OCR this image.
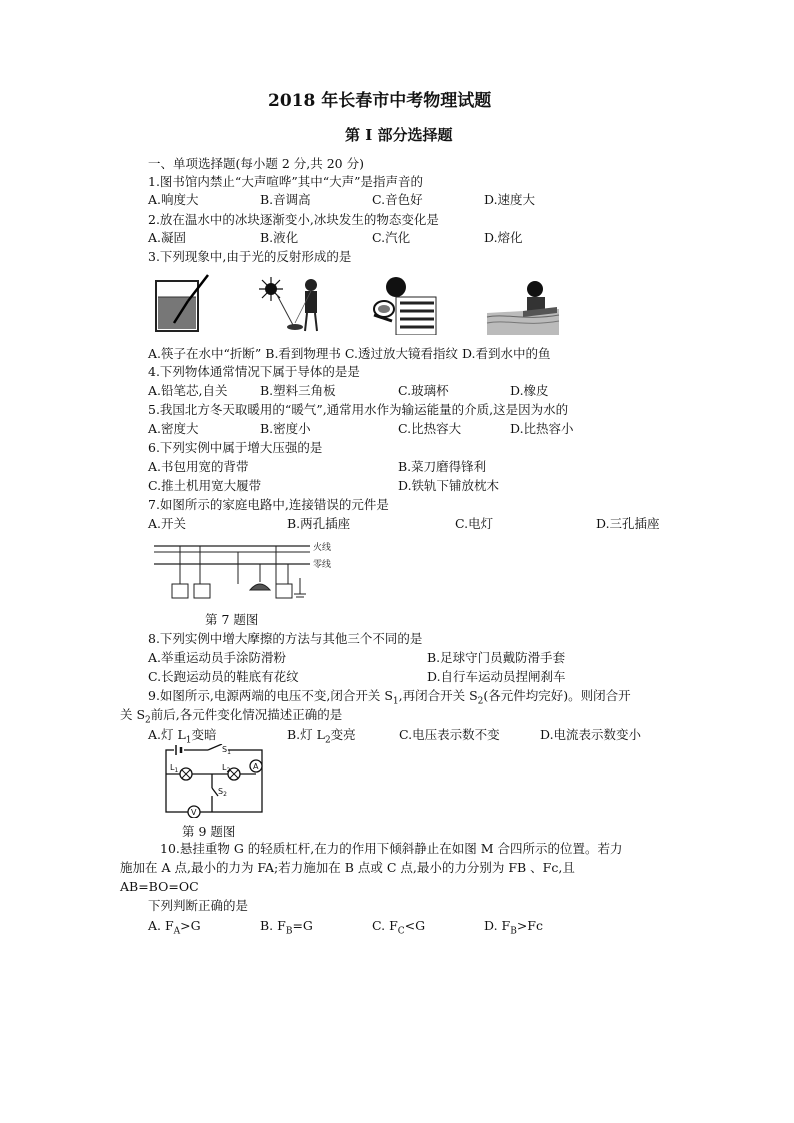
2018 年长春市中考物理试题
第 I 部分选择题
一、单项选择题(每小题 2 分,共 20 分)
1.图书馆内禁止“大声喧哗”其中“大声”是指声音的
A.响度大	B.音调高	C.音色好	D.速度大
2.放在温水中的冰块逐渐变小,冰块发生的物态变化是
A.凝固	B.液化	C.汽化	D.熔化
3.下列现象中,由于光的反射形成的是
A.筷子在水中“折断” B.看到物理书 C.透过放大镜看指纹 D.看到水中的鱼
4.下列物体通常情况下属于导体的是是
A.铅笔芯,自关	B.塑料三角板	C.玻璃杯	D.橡皮
5.我国北方冬天取暖用的“暖气”,通常用水作为输运能量的介质,这是因为水的
A.密度大	B.密度小	C.比热容大	D.比热容小
6.下列实例中属于增大压强的是
A.书包用宽的背带	B.菜刀磨得锋利
C.推土机用宽大履带	D.铁轨下铺放枕木
7.如图所示的家庭电路中,连接错误的元件是
A.开关	B.两孔插座	C.电灯	D.三孔插座
火线
零线
第 7 题图
8.下列实例中增大摩擦的方法与其他三个不同的是
A.举重运动员手涂防滑粉	B.足球守门员戴防滑手套
C.长跑运动员的鞋底有花纹	D.自行车运动员捏闸刹车
9.如图所示,电源两端的电压不变,闭合开关 $S_1$,再闭合开关 $S_2$(各元件均完好)。则闭合开
关 $S_2$前后,各元件变化情况描述正确的是
A.灯 $L_1$变暗	B.灯 $L_2$变亮	C.电压表示数不变	D.电流表示数变小
A
V
$S_1$
$L_1$	$L_2$
$S_2$
第 9 题图
10.悬挂重物 G 的轻质杠杆,在力的作用下倾斜静止在如图 M 合四所示的位置。若力
施加在 A 点,最小的力为 FA;若力施加在 B 点或 C 点,最小的力分别为 FB 、Fc,且
AB=BO=OC
下列判断正确的是
A. $F_A>G$	B. $F_B=G$	C. $F_C<G$	D. $F_B>Fc$
